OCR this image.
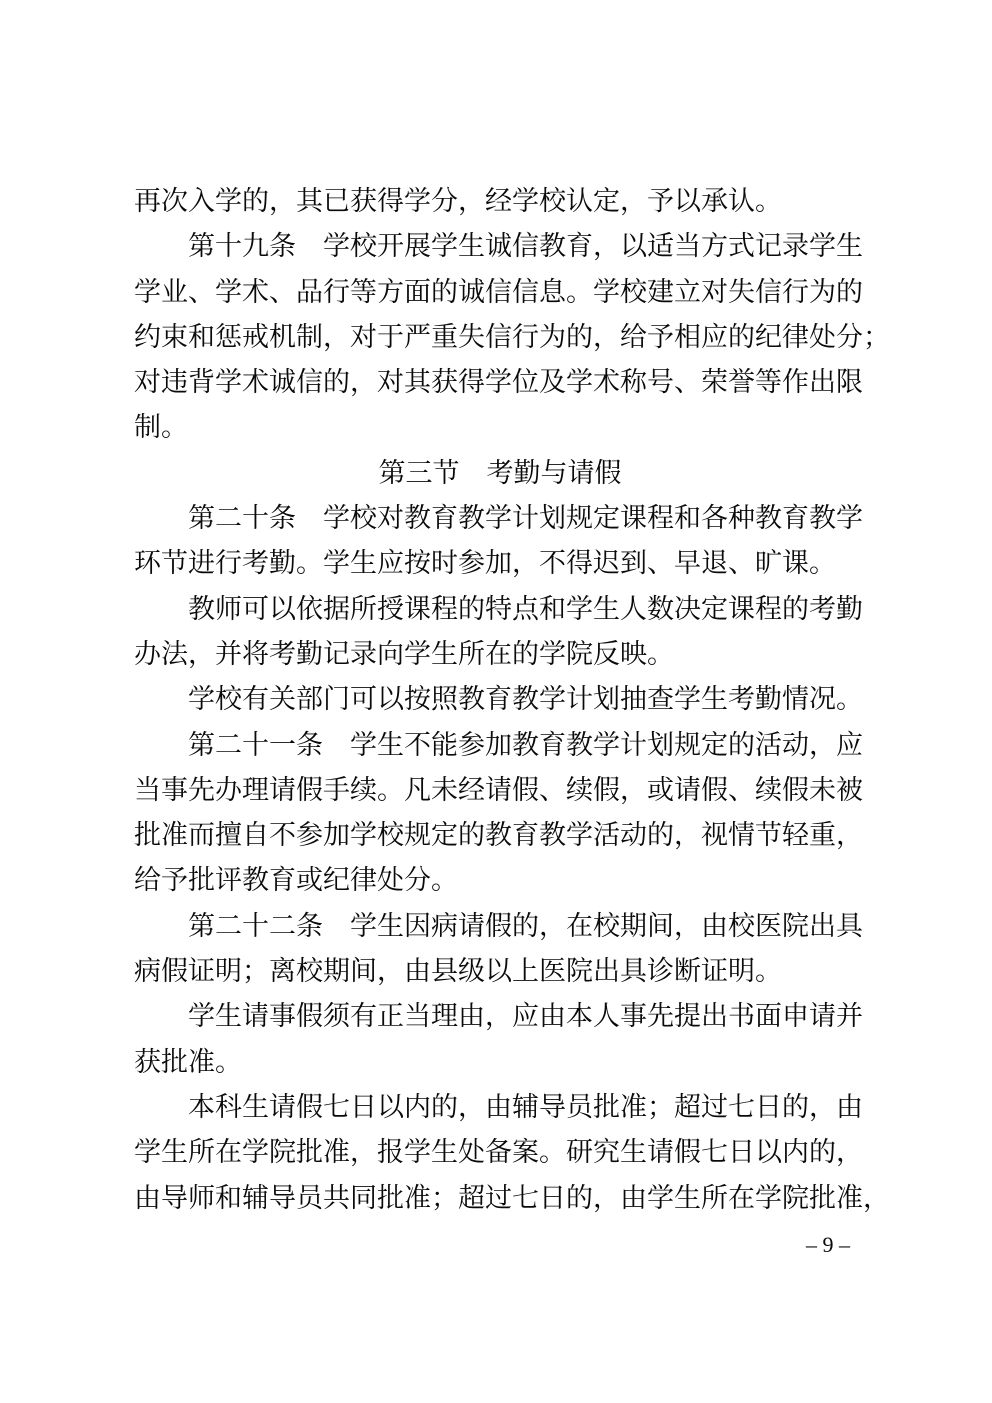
再次入学的，其已获得学分，经学校认定，予以承认。
第十九条　学校开展学生诚信教育，以适当方式记录学生
学业、学术、品行等方面的诚信信息。学校建立对失信行为的
约束和惩戒机制，对于严重失信行为的，给予相应的纪律处分；
对违背学术诚信的，对其获得学位及学术称号、荣誉等作出限
制。
第三节　考勤与请假
第二十条　学校对教育教学计划规定课程和各种教育教学
环节进行考勤。学生应按时参加，不得迟到、早退、旷课。
教师可以依据所授课程的特点和学生人数决定课程的考勤
办法，并将考勤记录向学生所在的学院反映。
学校有关部门可以按照教育教学计划抽查学生考勤情况。
第二十一条　学生不能参加教育教学计划规定的活动，应
当事先办理请假手续。凡未经请假、续假，或请假、续假未被
批准而擅自不参加学校规定的教育教学活动的，视情节轻重，
给予批评教育或纪律处分。
第二十二条　学生因病请假的，在校期间，由校医院出具
病假证明；离校期间，由县级以上医院出具诊断证明。
学生请事假须有正当理由，应由本人事先提出书面申请并
获批准。
本科生请假七日以内的，由辅导员批准；超过七日的，由
学生所在学院批准，报学生处备案。研究生请假七日以内的，
由导师和辅导员共同批准；超过七日的，由学生所在学院批准，
– 9 –
